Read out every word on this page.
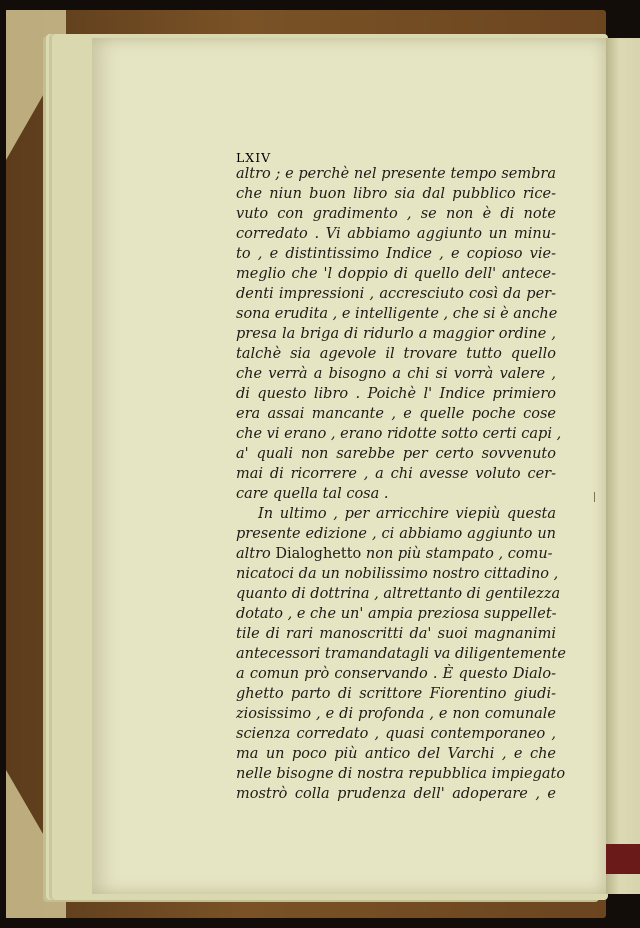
LXIV
altro ; e perchè nel presente tempo sembra
che niun buon libro sia dal pubblico rice-
vuto con gradimento , se non è di note
corredato . Vi abbiamo aggiunto un minu-
to , e distintissimo Indice , e copioso vie-
meglio che 'l doppio di quello dell' antece-
denti impressioni , accresciuto così da per-
sona erudita , e intelligente , che si è anche
presa la briga di ridurlo a maggior ordine ,
talchè sia agevole il trovare tutto quello
che verrà a bisogno a chi si vorrà valere ,
di questo libro . Poichè l' Indice primiero
era assai mancante , e quelle poche cose
che vi erano , erano ridotte sotto certi capi ,
a' quali non sarebbe per certo sovvenuto
mai di ricorrere , a chi avesse voluto cer-
care quella tal cosa .
In ultimo , per arricchire viepiù questa
presente edizione , ci abbiamo aggiunto un
altro Dialoghetto non più stampato , comu-
nicatoci da un nobilissimo nostro cittadino ,
quanto di dottrina , altrettanto di gentilezza
dotato , e che un' ampia preziosa suppellet-
tile di rari manoscritti da' suoi magnanimi
antecessori tramandatagli va diligentemente
a comun prò conservando . È questo Dialo-
ghetto parto di scrittore Fiorentino giudi-
ziosissimo , e di profonda , e non comunale
scienza corredato , quasi contemporaneo ,
ma un poco più antico del Varchi , e che
nelle bisogne di nostra repubblica impiegato
mostrò colla prudenza dell' adoperare , e
